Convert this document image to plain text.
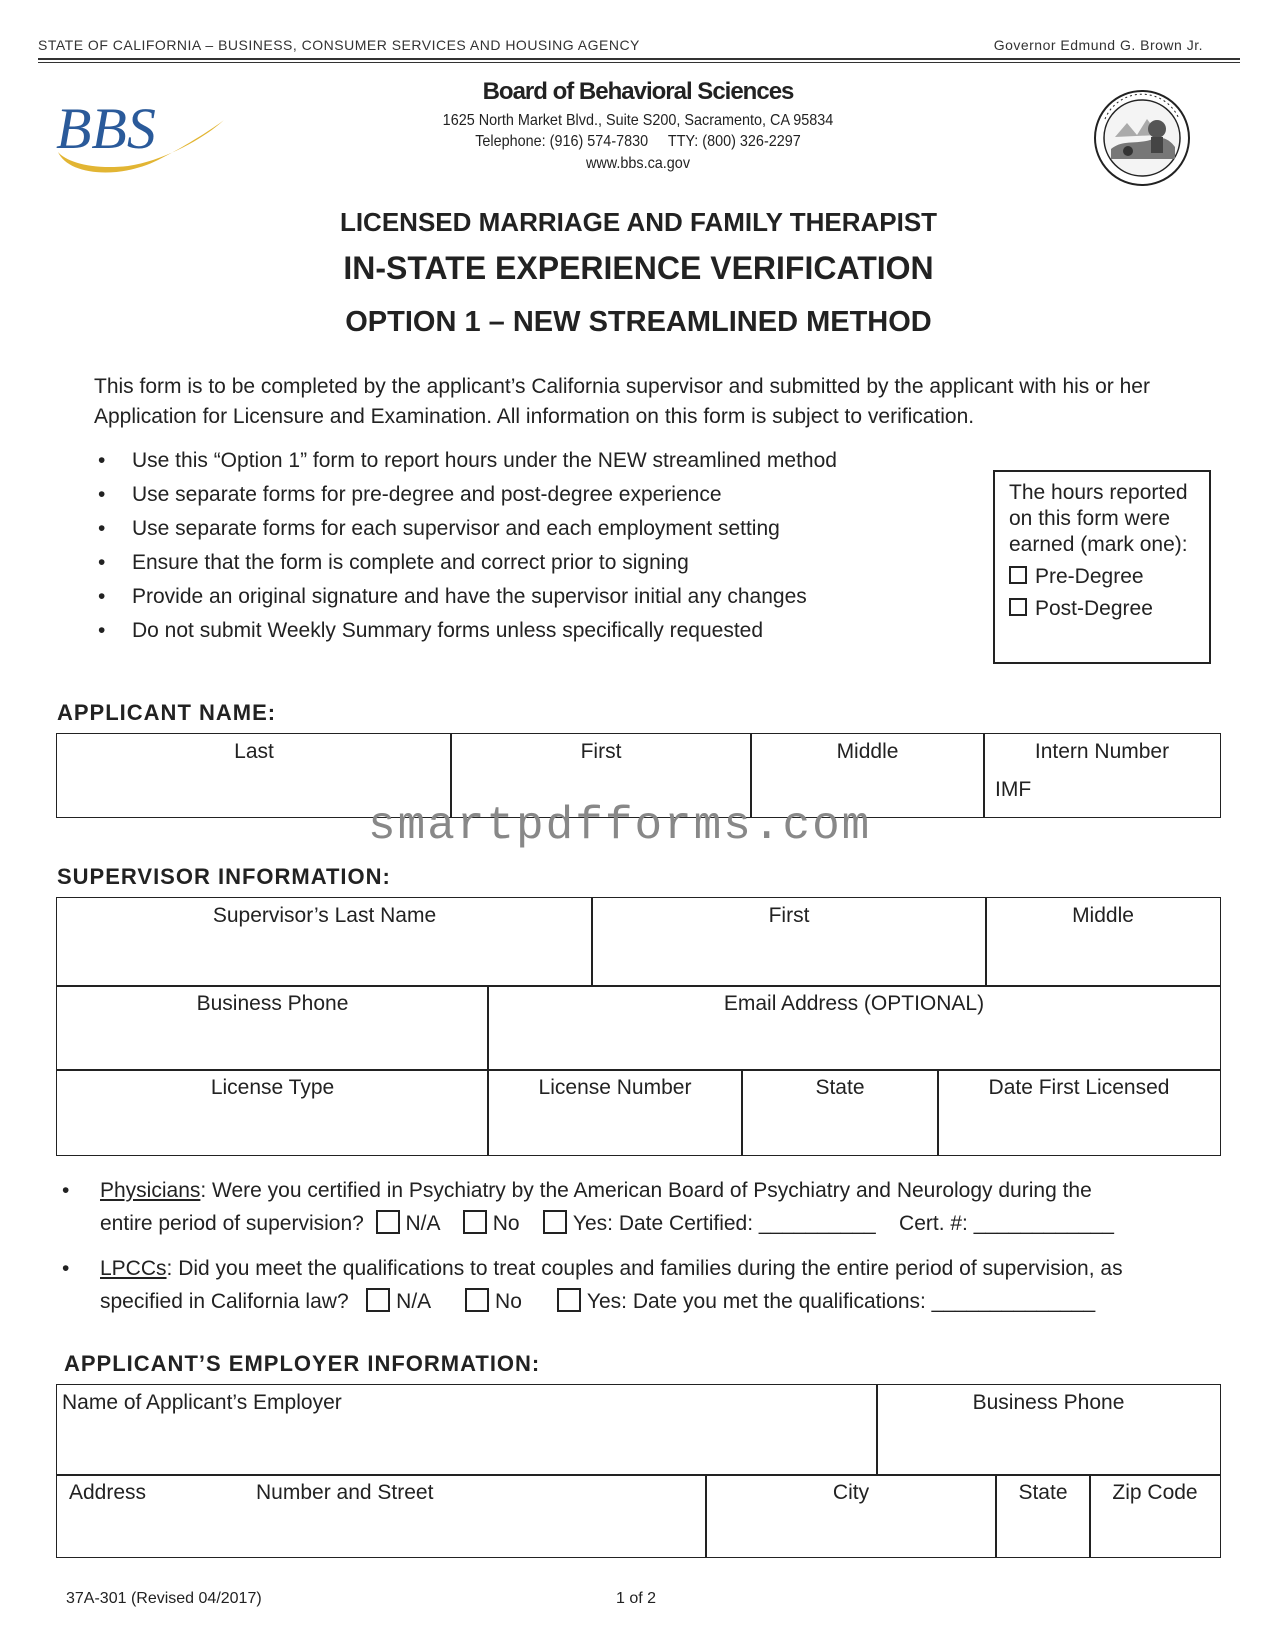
STATE OF CALIFORNIA – BUSINESS, CONSUMER SERVICES AND HOUSING AGENCY	Governor Edmund G. Brown Jr.
BBS
Board of Behavioral Sciences
1625 North Market Blvd., Suite S200, Sacramento, CA 95834
Telephone: (916) 574-7830 TTY: (800) 326-2297
www.bbs.ca.gov
LICENSED MARRIAGE AND FAMILY THERAPIST
IN-STATE EXPERIENCE VERIFICATION
OPTION 1 – NEW STREAMLINED METHOD
This form is to be completed by the applicant’s California supervisor and submitted by the applicant with his or her Application for Licensure and Examination. All information on this form is subject to verification.
• Use this “Option 1” form to report hours under the NEW streamlined method
• Use separate forms for pre-degree and post-degree experience
• Use separate forms for each supervisor and each employment setting
• Ensure that the form is complete and correct prior to signing
• Provide an original signature and have the supervisor initial any changes
• Do not submit Weekly Summary forms unless specifically requested
The hours reported on this form were earned (mark one):
Pre-Degree
Post-Degree
APPLICANT NAME:
Last	First	Middle	Intern Number
IMF
smartpdfforms.com
SUPERVISOR INFORMATION:
Supervisor’s Last Name	First	Middle
Business Phone	Email Address (OPTIONAL)
License Type	License Number	State	Date First Licensed
• Physicians: Were you certified in Psychiatry by the American Board of Psychiatry and Neurology during the
entire period of supervision? N/A	No	Yes: Date Certified: __________ Cert. #: ____________
• LPCCs: Did you meet the qualifications to treat couples and families during the entire period of supervision, as
specified in California law? N/A	No	Yes: Date you met the qualifications: ______________
APPLICANT’S EMPLOYER INFORMATION:
Name of Applicant’s Employer	Business Phone
Address	Number and Street	City	State	Zip Code
37A-301 (Revised 04/2017)	1 of 2
